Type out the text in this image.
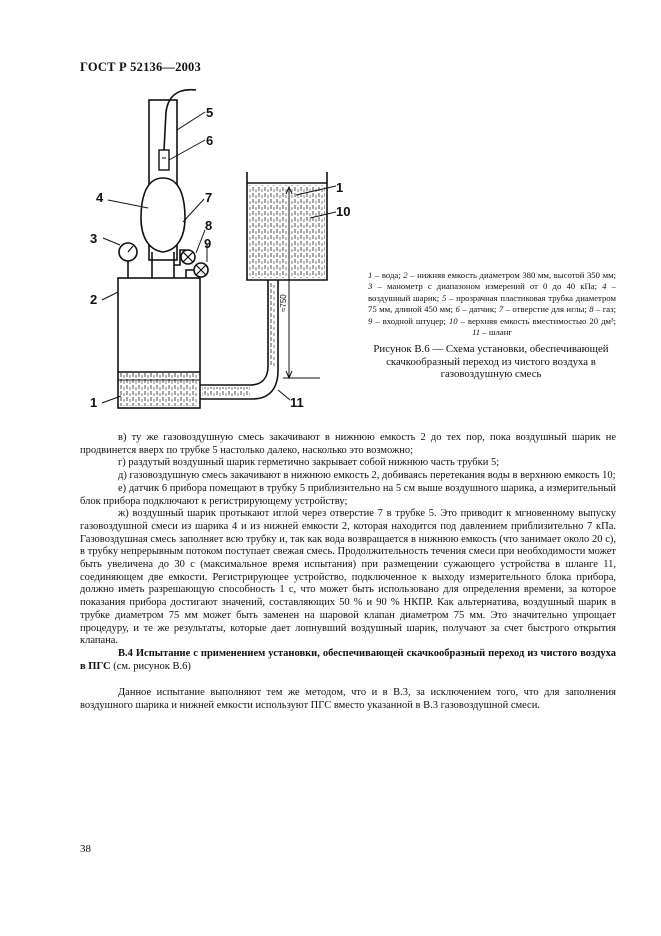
ГОСТ Р 52136—2003
5
6
4	7
8
3	9
2
1
1
10
11
≈750
1 – вода; 2 – нижняя емкость диаметром 380 мм, высотой 350 мм; 3 – манометр с диапазоном измерений от 0 до 40 кПа; 4 – воздушный шарик; 5 – прозрачная пластиковая трубка диаметром 75 мм, длиной 450 мм; 6 – датчик; 7 – отверстие для иглы; 8 – газ; 9 – входной штуцер; 10 – верхняя емкость вместимостью 20 дм³; 11 – шланг
Рисунок В.6 — Схема установки, обеспечивающей скачкообразный переход из чистого воздуха в газовоздушную смесь

в) ту же газовоздушную смесь закачивают в нижнюю емкость 2 до тех пор, пока воздушный шарик не продвинется вверх по трубке 5 настолько далеко, насколько это возможно;

г) раздутый воздушный шарик герметично закрывает собой нижнюю часть трубки 5;

д) газовоздушную смесь закачивают в нижнюю емкость 2, добиваясь перетекания воды в верхнюю емкость 10;

е) датчик 6 прибора помещают в трубку 5 приблизительно на 5 см выше воздушного шарика, а измерительный блок прибора подключают к регистрирующему устройству;

ж) воздушный шарик протыкают иглой через отверстие 7 в трубке 5. Это приводит к мгновенному выпуску газовоздушной смеси из шарика 4 и из нижней емкости 2, которая находится под давлением приблизительно 7 кПа. Газовоздушная смесь заполняет всю трубку и, так как вода возвращается в нижнюю емкость (что занимает около 20 с), в трубку непрерывным потоком поступает свежая смесь. Продолжительность течения смеси при необходимости может быть увеличена до 30 с (максимальное время испытания) при размещении сужающего устройства в шланге 11, соединяющем две емкости. Регистрирующее устройство, подключенное к выходу измерительного блока прибора, должно иметь разрешающую способность 1 с, что может быть использовано для определения времени, за которое показания прибора достигают значений, составляющих 50 % и 90 % НКПР. Как альтернатива, воздушный шарик в трубке диаметром 75 мм может быть заменен на шаровой клапан диаметром 75 мм. Это значительно упрощает процедуру, и те же результаты, которые дает лопнувший воздушный шарик, получают за счет быстрого открытия клапана.

В.4 Испытание с применением установки, обеспечивающей скачкообразный переход из чистого воздуха в ПГС (см. рисунок В.6)

Данное испытание выполняют тем же методом, что и в В.3, за исключением того, что для заполнения воздушного шарика и нижней емкости используют ПГС вместо указанной в В.3 газовоздушной смеси.

38
